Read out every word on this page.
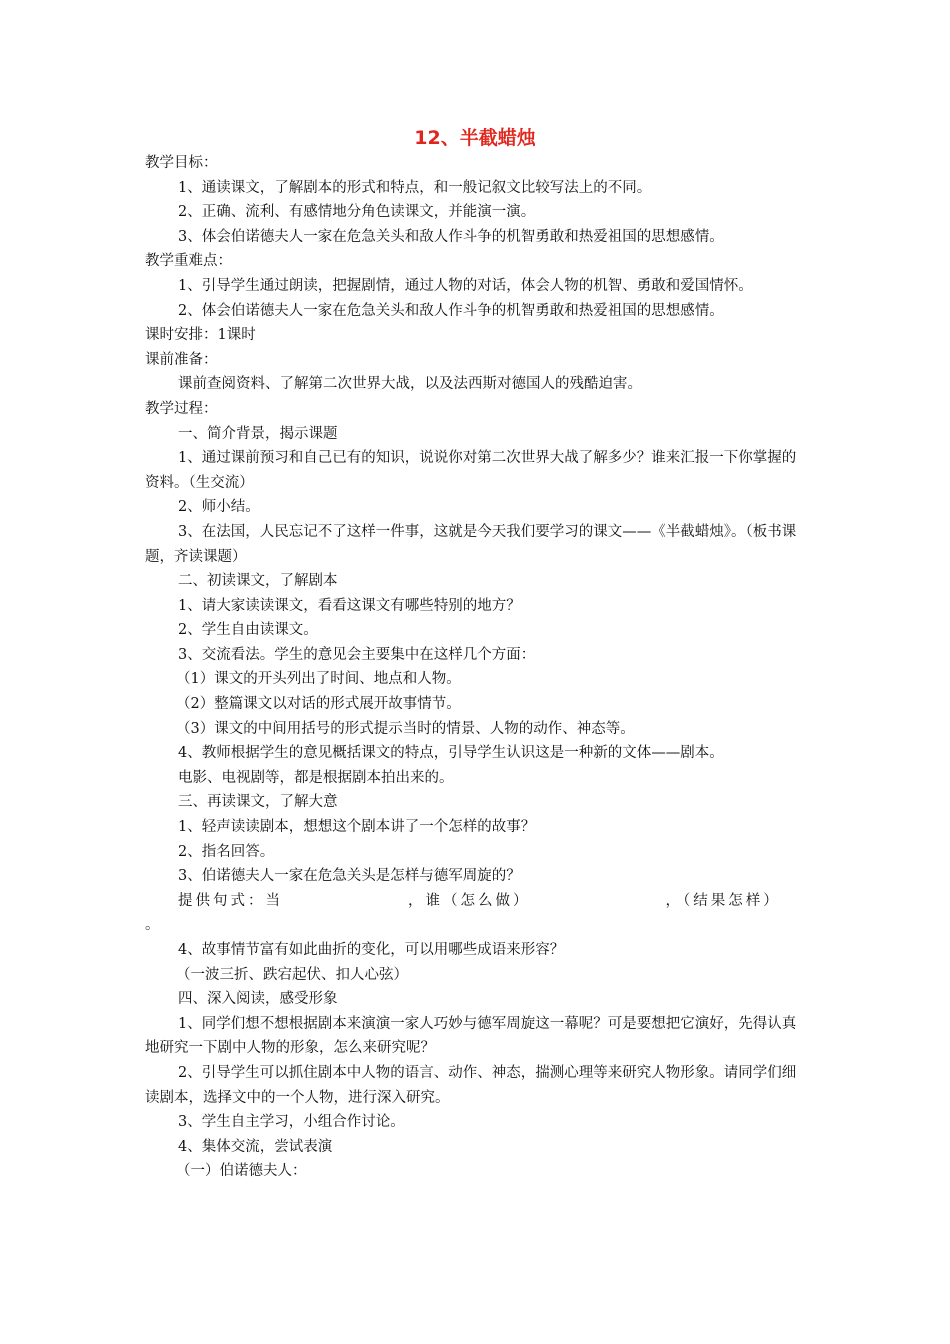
12、半截蜡烛

教学目标：

1、通读课文，了解剧本的形式和特点，和一般记叙文比较写法上的不同。

2、正确、流利、有感情地分角色读课文，并能演一演。

3、体会伯诺德夫人一家在危急关头和敌人作斗争的机智勇敢和热爱祖国的思想感情。

教学重难点：

1、引导学生通过朗读，把握剧情，通过人物的对话，体会人物的机智、勇敢和爱国情怀。

2、体会伯诺德夫人一家在危急关头和敌人作斗争的机智勇敢和热爱祖国的思想感情。

课时安排：1课时

课前准备：

课前查阅资料、了解第二次世界大战，以及法西斯对德国人的残酷迫害。

教学过程：

一、简介背景，揭示课题

1、通过课前预习和自己已有的知识，说说你对第二次世界大战了解多少？谁来汇报一下你掌握的资料。（生交流）

2、师小结。

3、在法国，人民忘记不了这样一件事，这就是今天我们要学习的课文——《半截蜡烛》。（板书课题，齐读课题）

二、初读课文，了解剧本

1、请大家读读课文，看看这课文有哪些特别的地方？

2、学生自由读课文。

3、交流看法。学生的意见会主要集中在这样几个方面：

（1）课文的开头列出了时间、地点和人物。

（2）整篇课文以对话的形式展开故事情节。

（3）课文的中间用括号的形式提示当时的情景、人物的动作、神态等。

4、教师根据学生的意见概括课文的特点，引导学生认识这是一种新的文体——剧本。

电影、电视剧等，都是根据剧本拍出来的。

三、再读课文，了解大意

1、轻声读读剧本，想想这个剧本讲了一个怎样的故事？

2、指名回答。

3、伯诺德夫人一家在危急关头是怎样与德军周旋的？

提供句式：当	，谁（怎么做）	，（结果怎样）

。

4、故事情节富有如此曲折的变化，可以用哪些成语来形容？

（一波三折、跌宕起伏、扣人心弦）

四、深入阅读，感受形象

1、同学们想不想根据剧本来演演一家人巧妙与德军周旋这一幕呢？可是要想把它演好，先得认真地研究一下剧中人物的形象，怎么来研究呢？

2、引导学生可以抓住剧本中人物的语言、动作、神态，揣测心理等来研究人物形象。请同学们细读剧本，选择文中的一个人物，进行深入研究。

3、学生自主学习，小组合作讨论。

4、集体交流，尝试表演

（一）伯诺德夫人：
